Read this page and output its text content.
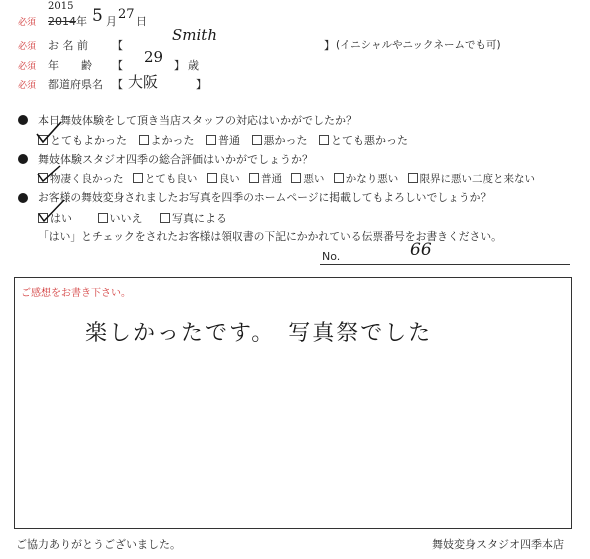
必須
2015
2014年 5 月 27 日
必須 お 名 前 【
Smith
】 (イニシャルやニックネームでも可)
必須 年　　齢 【 29 】 歳
必須 都道府県名 【 大阪	】
本日舞妓体験をして頂き当店スタッフの対応はいかがでしたか？
とてもよかった よかった 普通 悪かった とても悪かった
舞妓体験スタジオ四季の総合評価はいかがでしょうか？
物凄く良かった とても良い 良い 普通 悪い かなり悪い 限界に悪い二度と来ない
お客様の舞妓変身されましたお写真を四季のホームページに掲載してもよろしいでしょうか？
はい	いいえ	写真による
「はい」とチェックをされたお客様は領収書の下記にかかれている伝票番号をお書きください。
No.	66
ご感想をお書き下さい。
楽しかったです。　写真祭でした
ご協力ありがとうございました。	舞妓変身スタジオ四季本店
